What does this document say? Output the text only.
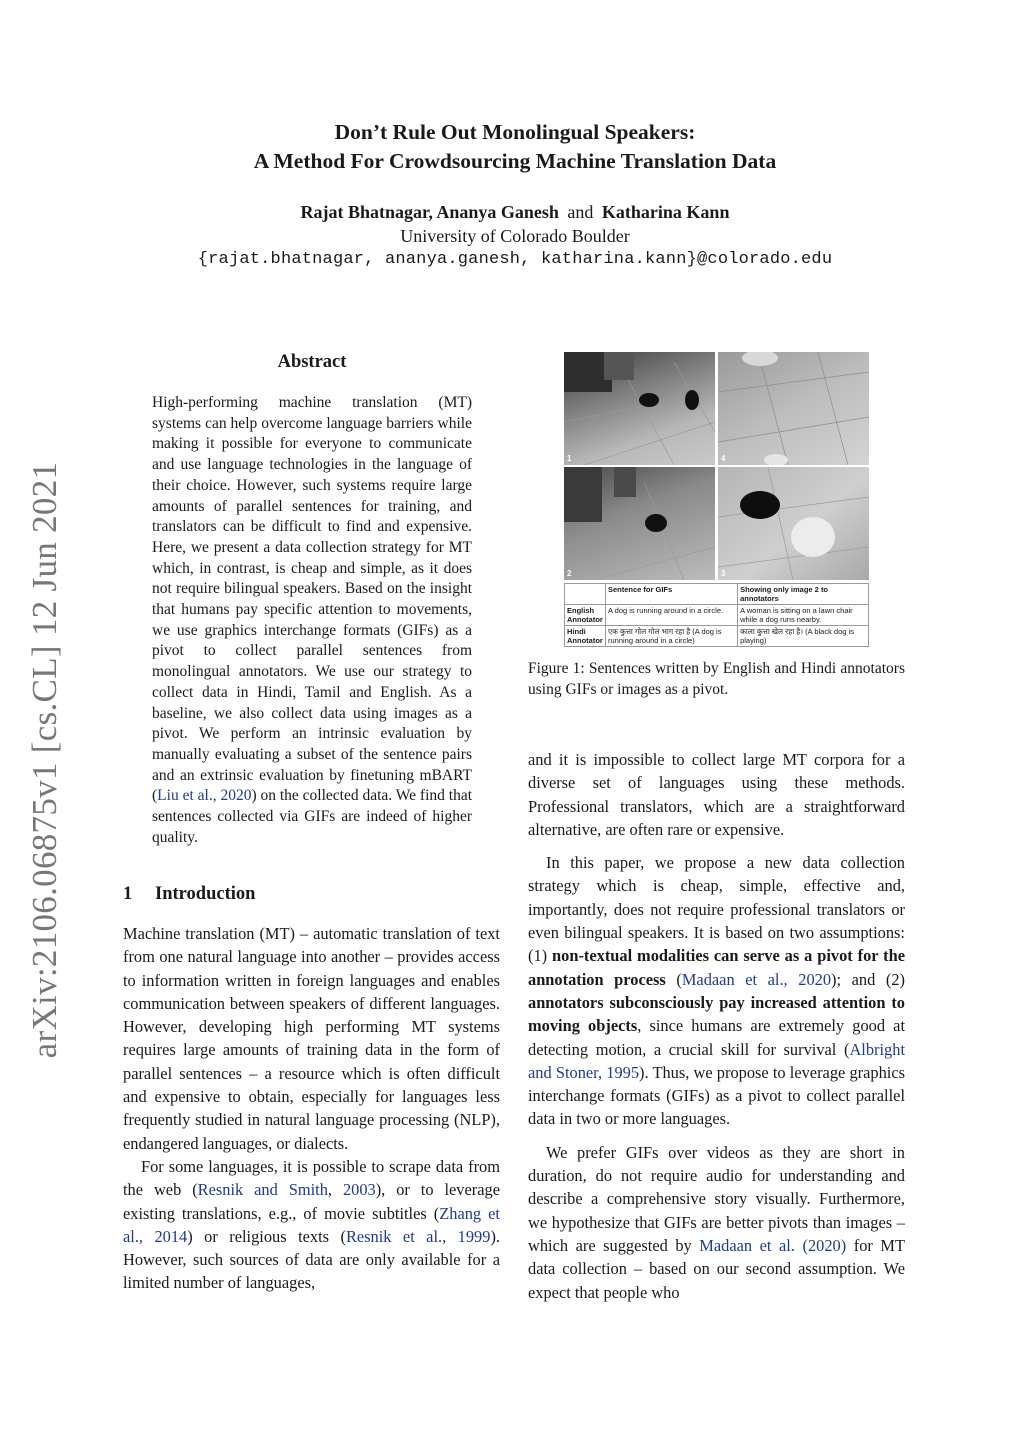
arXiv:2106.06875v1 [cs.CL] 12 Jun 2021
Don’t Rule Out Monolingual Speakers:
A Method For Crowdsourcing Machine Translation Data
Rajat Bhatnagar, Ananya Ganesh and Katharina Kann
University of Colorado Boulder
{rajat.bhatnagar, ananya.ganesh, katharina.kann}@colorado.edu
Abstract

High-performing machine translation (MT) systems can help overcome language barriers while making it possible for everyone to communicate and use language technologies in the language of their choice. However, such systems require large amounts of parallel sentences for training, and translators can be difficult to find and expensive. Here, we present a data collection strategy for MT which, in contrast, is cheap and simple, as it does not require bilingual speakers. Based on the insight that humans pay specific attention to movements, we use graphics interchange formats (GIFs) as a pivot to collect parallel sentences from monolingual annotators. We use our strategy to collect data in Hindi, Tamil and English. As a baseline, we also collect data using images as a pivot. We perform an intrinsic evaluation by manually evaluating a subset of the sentence pairs and an extrinsic evaluation by finetuning mBART (Liu et al., 2020) on the collected data. We find that sentences collected via GIFs are indeed of higher quality.

1 Introduction

Machine translation (MT) – automatic translation of text from one natural language into another – provides access to information written in foreign languages and enables communication between speakers of different languages. However, developing high performing MT systems requires large amounts of training data in the form of parallel sentences – a resource which is often difficult and expensive to obtain, especially for languages less frequently studied in natural language processing (NLP), endangered languages, or dialects.

For some languages, it is possible to scrape data from the web (Resnik and Smith, 2003), or to leverage existing translations, e.g., of movie subtitles (Zhang et al., 2014) or religious texts (Resnik et al., 1999). However, such sources of data are only available for a limited number of languages,

1	4
2	3
	Sentence for GIFs	Showing only image 2 to annotators
English Annotator	A dog is running around in a circle.	A woman is sitting on a lawn chair while a dog runs nearby.
Hindi Annotator	एक कुत्ता गोल गोल भाग रहा है (A dog is running around in a circle)	काला कुत्ता खेल रहा है। (A black dog is playing)
Figure 1: Sentences written by English and Hindi annotators using GIFs or images as a pivot.

and it is impossible to collect large MT corpora for a diverse set of languages using these methods. Professional translators, which are a straightforward alternative, are often rare or expensive.

In this paper, we propose a new data collection strategy which is cheap, simple, effective and, importantly, does not require professional translators or even bilingual speakers. It is based on two assumptions: (1) non-textual modalities can serve as a pivot for the annotation process (Madaan et al., 2020); and (2) annotators subconsciously pay increased attention to moving objects, since humans are extremely good at detecting motion, a crucial skill for survival (Albright and Stoner, 1995). Thus, we propose to leverage graphics interchange formats (GIFs) as a pivot to collect parallel data in two or more languages.

We prefer GIFs over videos as they are short in duration, do not require audio for understanding and describe a comprehensive story visually. Furthermore, we hypothesize that GIFs are better pivots than images – which are suggested by Madaan et al. (2020) for MT data collection – based on our second assumption. We expect that people who
